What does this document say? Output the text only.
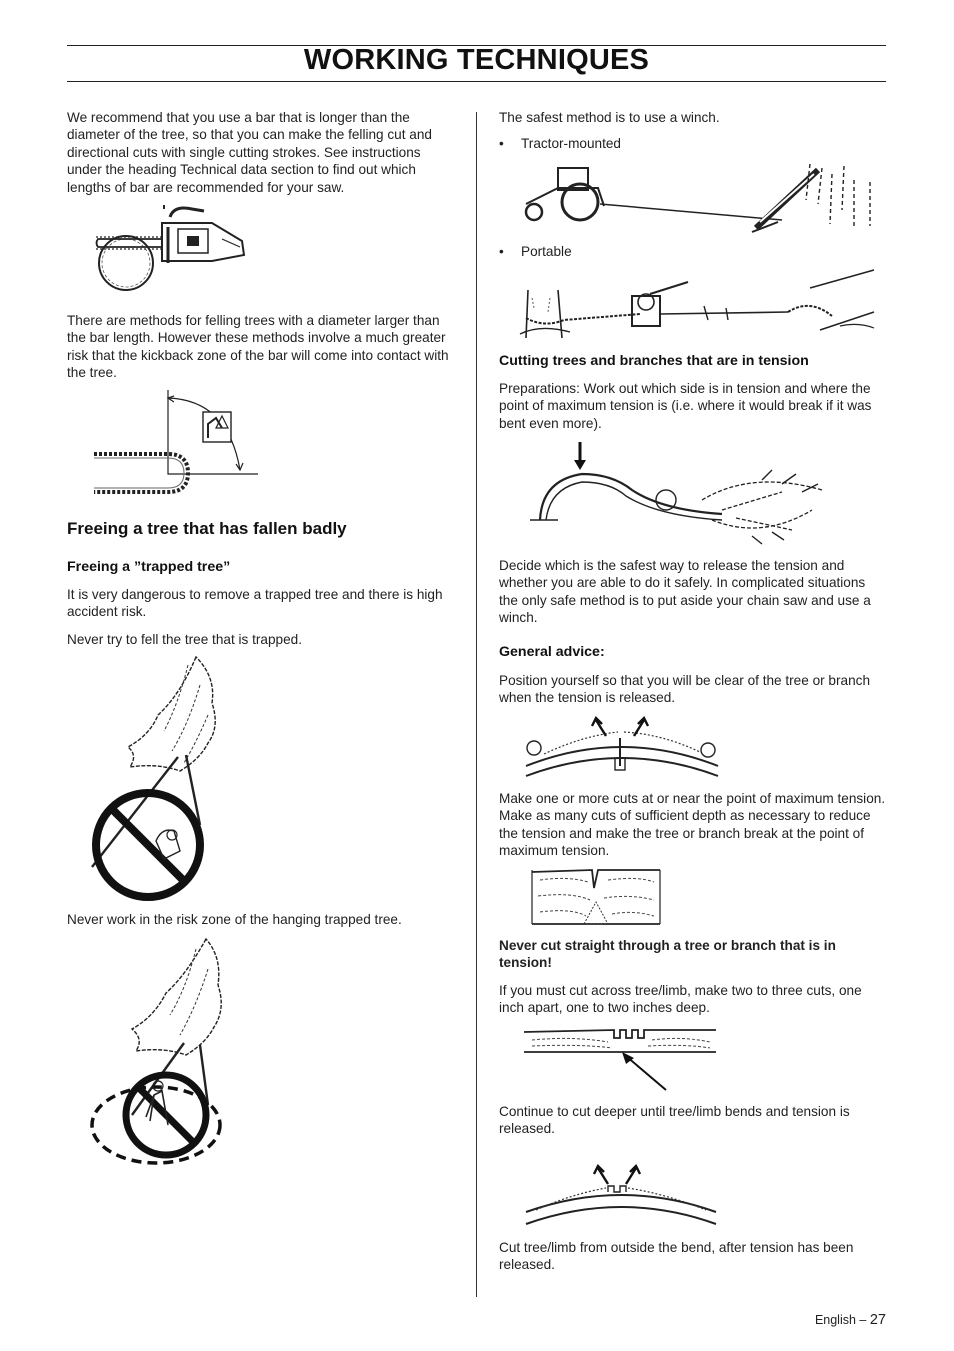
WORKING TECHNIQUES

We recommend that you use a bar that is longer than the diameter of the tree, so that you can make the felling cut and directional cuts with single cutting strokes. See instructions under the heading Technical data section to find out which lengths of bar are recommended for your saw.

There are methods for felling trees with a diameter larger than the bar length. However these methods involve a much greater risk that the kickback zone of the bar will come into contact with the tree.

Freeing a tree that has fallen badly
Freeing a ”trapped tree”

It is very dangerous to remove a trapped tree and there is high accident risk.

Never try to fell the tree that is trapped.

Never work in the risk zone of the hanging trapped tree.

The safest method is to use a winch.

• Tractor-mounted
• Portable
Cutting trees and branches that are in tension

Preparations: Work out which side is in tension and where the point of maximum tension is (i.e. where it would break if it was bent even more).

Decide which is the safest way to release the tension and whether you are able to do it safely. In complicated situations the only safe method is to put aside your chain saw and use a winch.

General advice:

Position yourself so that you will be clear of the tree or branch when the tension is released.

Make one or more cuts at or near the point of maximum tension. Make as many cuts of sufficient depth as necessary to reduce the tension and make the tree or branch break at the point of maximum tension.

Never cut straight through a tree or branch that is in tension!

If you must cut across tree/limb, make two to three cuts, one inch apart, one to two inches deep.

Continue to cut deeper until tree/limb bends and tension is released.

Cut tree/limb from outside the bend, after tension has been released.

English – 27
